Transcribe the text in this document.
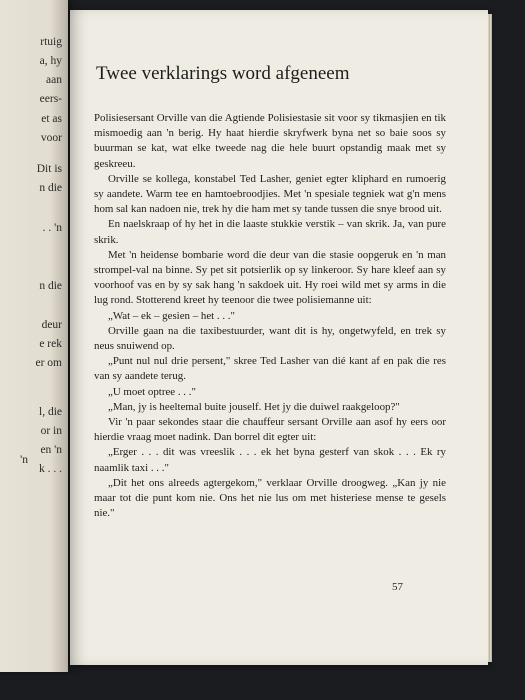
rtuig
a, hy
aan
eers-
et as
voor
Dit is
n die
. . 'n
n die
deur
e rek
er om
l, die
or in
en 'n
'n
k . . .
Twee verklarings word afgeneem

Polisiesersant Orville van die Agtiende Polisiestasie sit voor sy tikmasjien en tik mismoedig aan 'n berig. Hy haat hierdie skryfwerk byna net so baie soos sy buurman se kat, wat elke tweede nag die hele buurt opstandig maak met sy geskreeu.

Orville se kollega, konstabel Ted Lasher, geniet egter kliphard en rumoerig sy aandete. Warm tee en hamtoebroodjies. Met 'n spesiale tegniek wat g'n mens hom sal kan nadoen nie, trek hy die ham met sy tande tussen die snye brood uit.

En naelskraap of hy het in die laaste stukkie verstik – van skrik. Ja, van pure skrik.

Met 'n heidense bombarie word die deur van die stasie oopgeruk en 'n man strompel-val na binne. Sy pet sit potsierlik op sy linkeroor. Sy hare kleef aan sy voorhoof vas en by sy sak hang 'n sakdoek uit. Hy roei wild met sy arms in die lug rond. Stotterend kreet hy teenoor die twee polisiemanne uit:

„Wat – ek – gesien – het . . ."

Orville gaan na die taxibestuurder, want dit is hy, ongetwyfeld, en trek sy neus snuiwend op.

„Punt nul nul drie persent," skree Ted Lasher van dié kant af en pak die res van sy aandete terug.

„U moet optree . . ."

„Man, jy is heeltemal buite jouself. Het jy die duiwel raakgeloop?"

Vir 'n paar sekondes staar die chauffeur sersant Orville aan asof hy eers oor hierdie vraag moet nadink. Dan borrel dit egter uit:

„Erger . . . dit was vreeslik . . . ek het byna gesterf van skok . . . Ek ry naamlik taxi . . ."

„Dit het ons alreeds agtergekom," verklaar Orville droogweg. „Kan jy nie maar tot die punt kom nie. Ons het nie lus om met histeriese mense te gesels nie."

57
